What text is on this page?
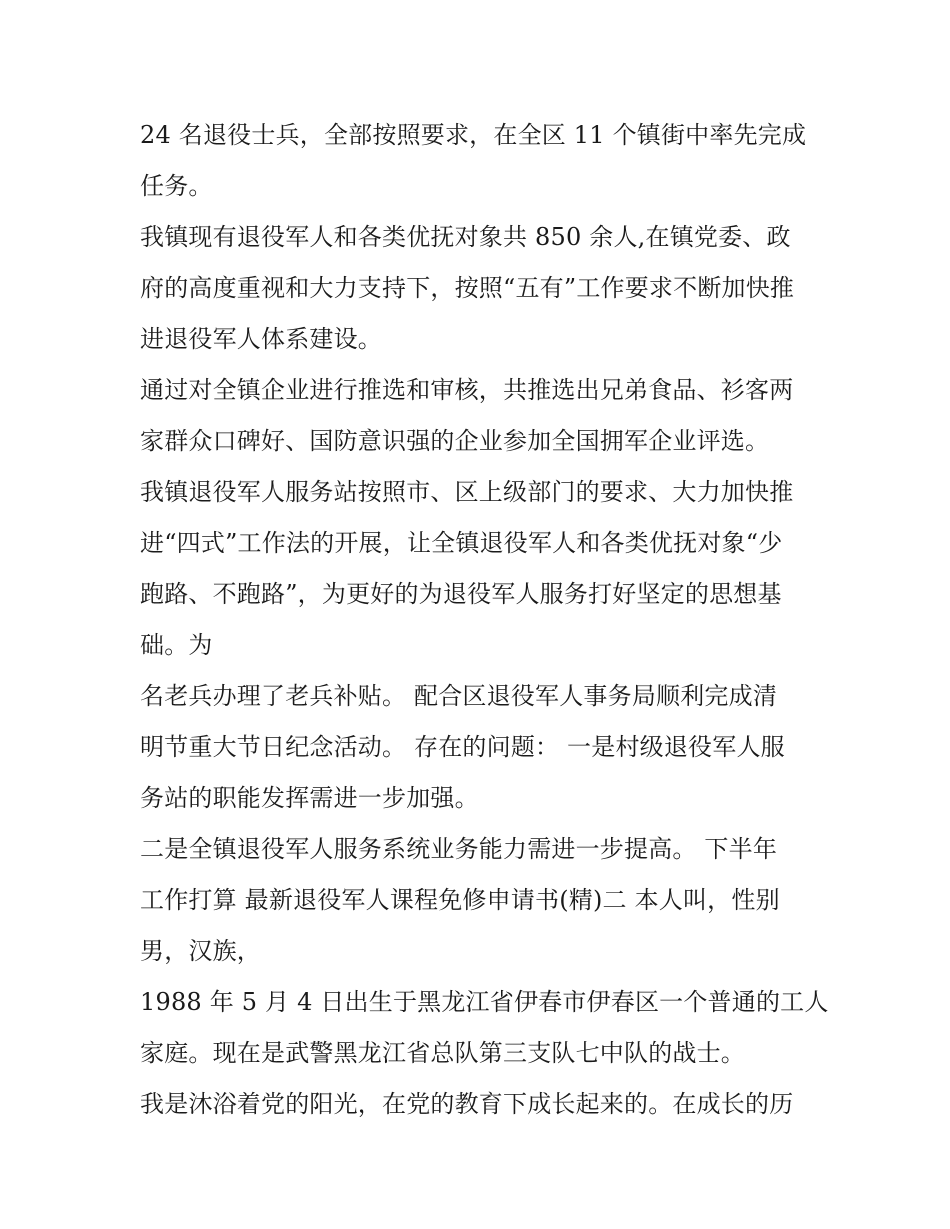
24 名退役士兵，全部按照要求，在全区 11 个镇街中率先完成
任务。
我镇现有退役军人和各类优抚对象共 850 余人,在镇党委、政
府的高度重视和大力支持下，按照“五有”工作要求不断加快推
进退役军人体系建设。
通过对全镇企业进行推选和审核，共推选出兄弟食品、衫客两
家群众口碑好、国防意识强的企业参加全国拥军企业评选。
我镇退役军人服务站按照市、区上级部门的要求、大力加快推
进“四式”工作法的开展，让全镇退役军人和各类优抚对象“少
跑路、不跑路”，为更好的为退役军人服务打好坚定的思想基
础。为
名老兵办理了老兵补贴。 配合区退役军人事务局顺利完成清
明节重大节日纪念活动。 存在的问题： 一是村级退役军人服
务站的职能发挥需进一步加强。
二是全镇退役军人服务系统业务能力需进一步提高。 下半年
工作打算 最新退役军人课程免修申请书(精)二 本人叫，性别
男，汉族，
1988 年 5 月 4 日出生于黑龙江省伊春市伊春区一个普通的工人
家庭。现在是武警黑龙江省总队第三支队七中队的战士。
我是沐浴着党的阳光，在党的教育下成长起来的。在成长的历
